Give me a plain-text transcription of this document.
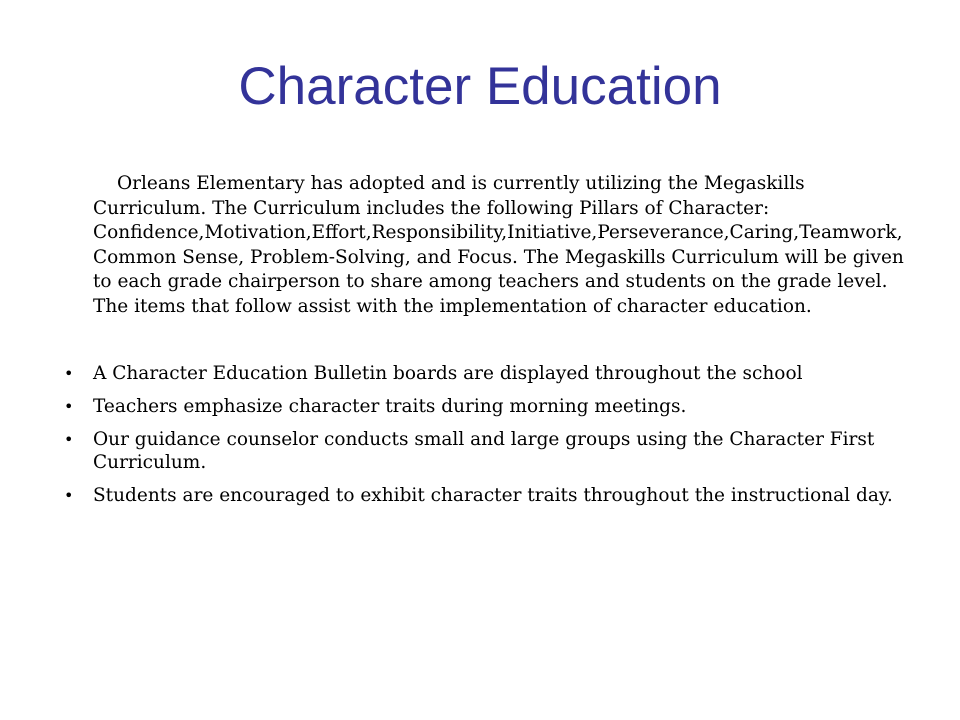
Character Education

Orleans Elementary has adopted and is currently utilizing the Megaskills Curriculum. The Curriculum includes the following Pillars of Character: Confidence,Motivation,Effort,Responsibility,Initiative,Perseverance,Caring,Teamwork,Common Sense, Problem-Solving, and Focus. The Megaskills Curriculum will be given to each grade chairperson to share among teachers and students on the grade level. The items that follow assist with the implementation of character education.

•	A Character Education Bulletin boards are displayed throughout the school
•	Teachers emphasize character traits during morning meetings.
•	Our guidance counselor conducts small and large groups using the Character First Curriculum.
•	Students are encouraged to exhibit character traits throughout the instructional day.
